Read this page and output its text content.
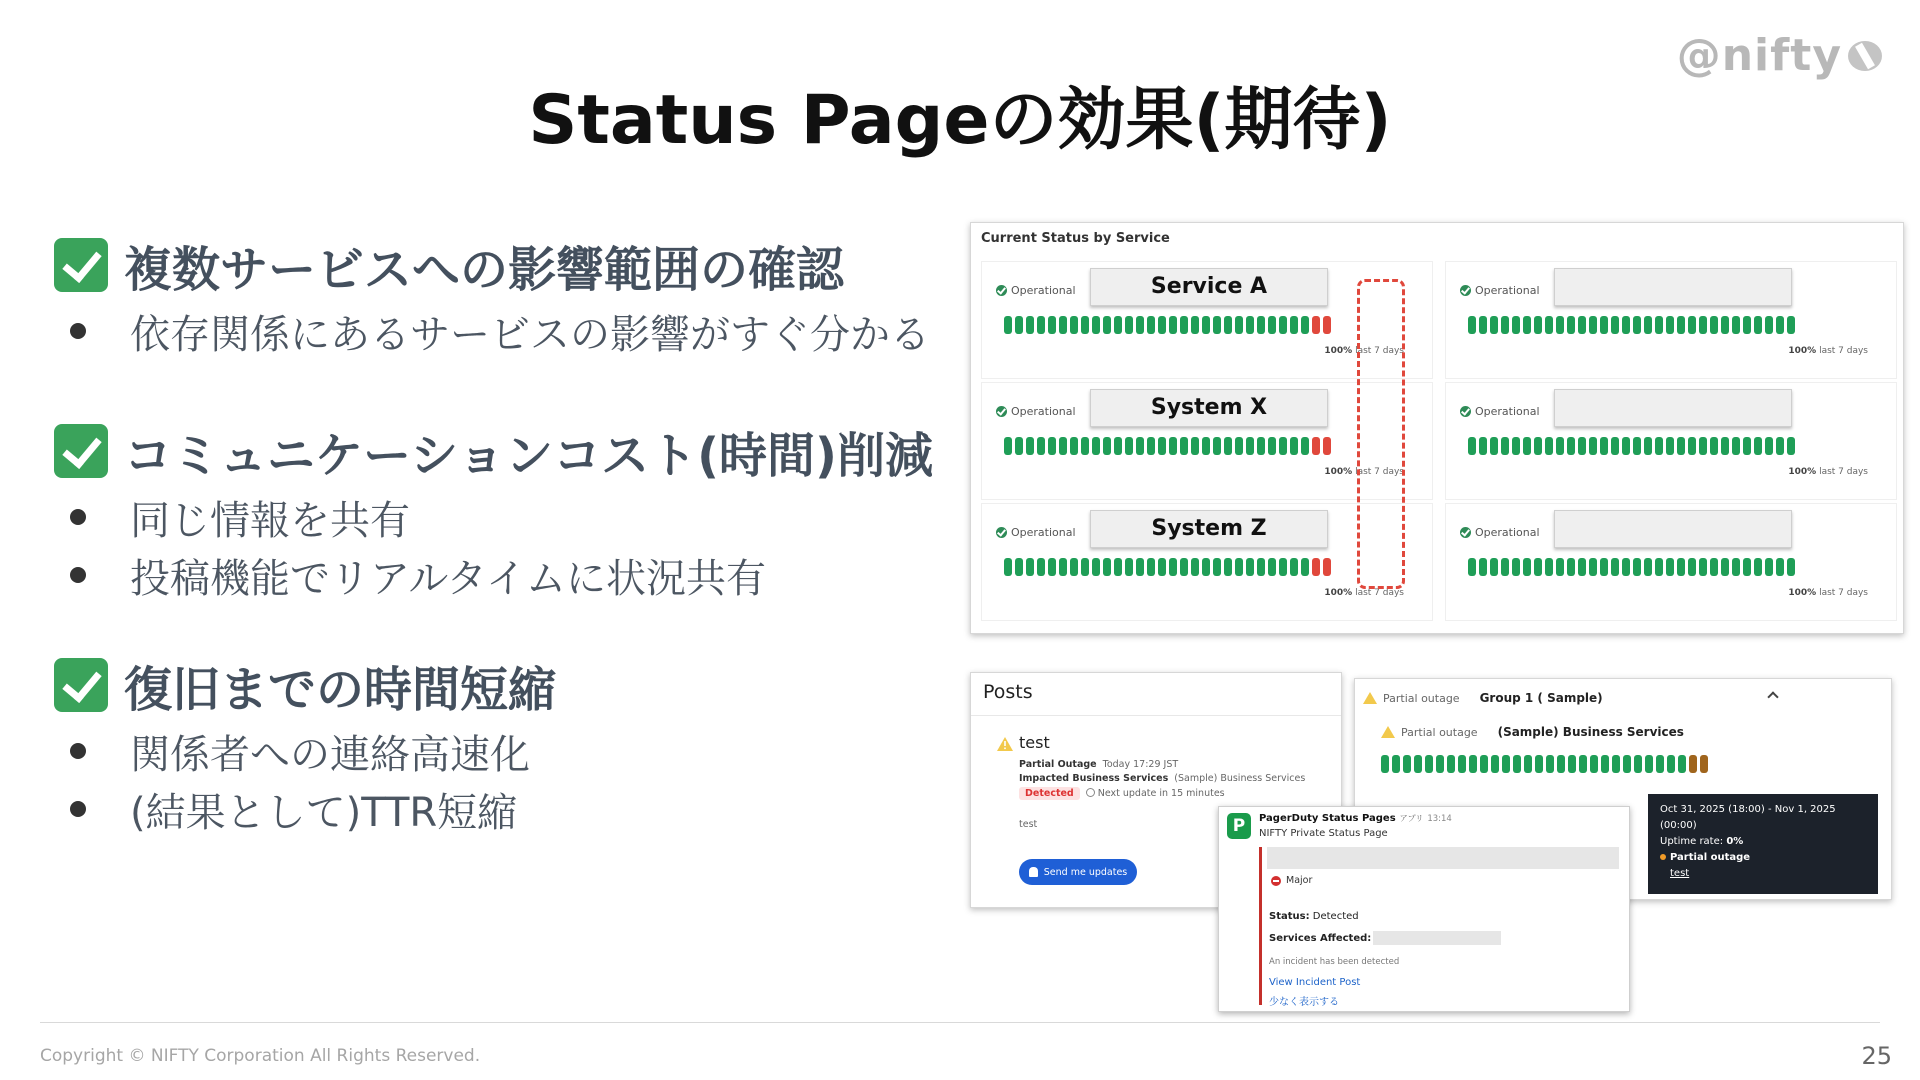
@nifty
Status Pageの効果(期待)
複数サービスへの影響範囲の確認
依存関係にあるサービスの影響がすぐ分かる
コミュニケーションコスト(時間)削減
同じ情報を共有
投稿機能でリアルタイムに状況共有
復旧までの時間短縮
関係者への連絡高速化
(結果として)TTR短縮
Current Status by Service
Operational	Service A
100% last 7 days
Operational
100% last 7 days
Operational	System X
100% last 7 days
Operational
100% last 7 days
Operational	System Z
100% last 7 days
Operational
100% last 7 days
Posts
test
Partial Outage Today 17:29 JST
Impacted Business Services (Sample) Business Services
Detected	Next update in 15 minutes
test
Send me updates
Partial outage Group 1 ( Sample)
Partial outage (Sample) Business Services
Oct 31, 2025 (18:00) - Nov 1, 2025 (00:00)
Uptime rate: 0%
Partial outage
test
P	PagerDuty Status Pages アプリ 13:14
NIFTY Private Status Page
Major
Status: Detected
Services Affected:
An incident has been detected
View Incident Post
少なく表示する
Copyright © NIFTY Corporation All Rights Reserved.	25
